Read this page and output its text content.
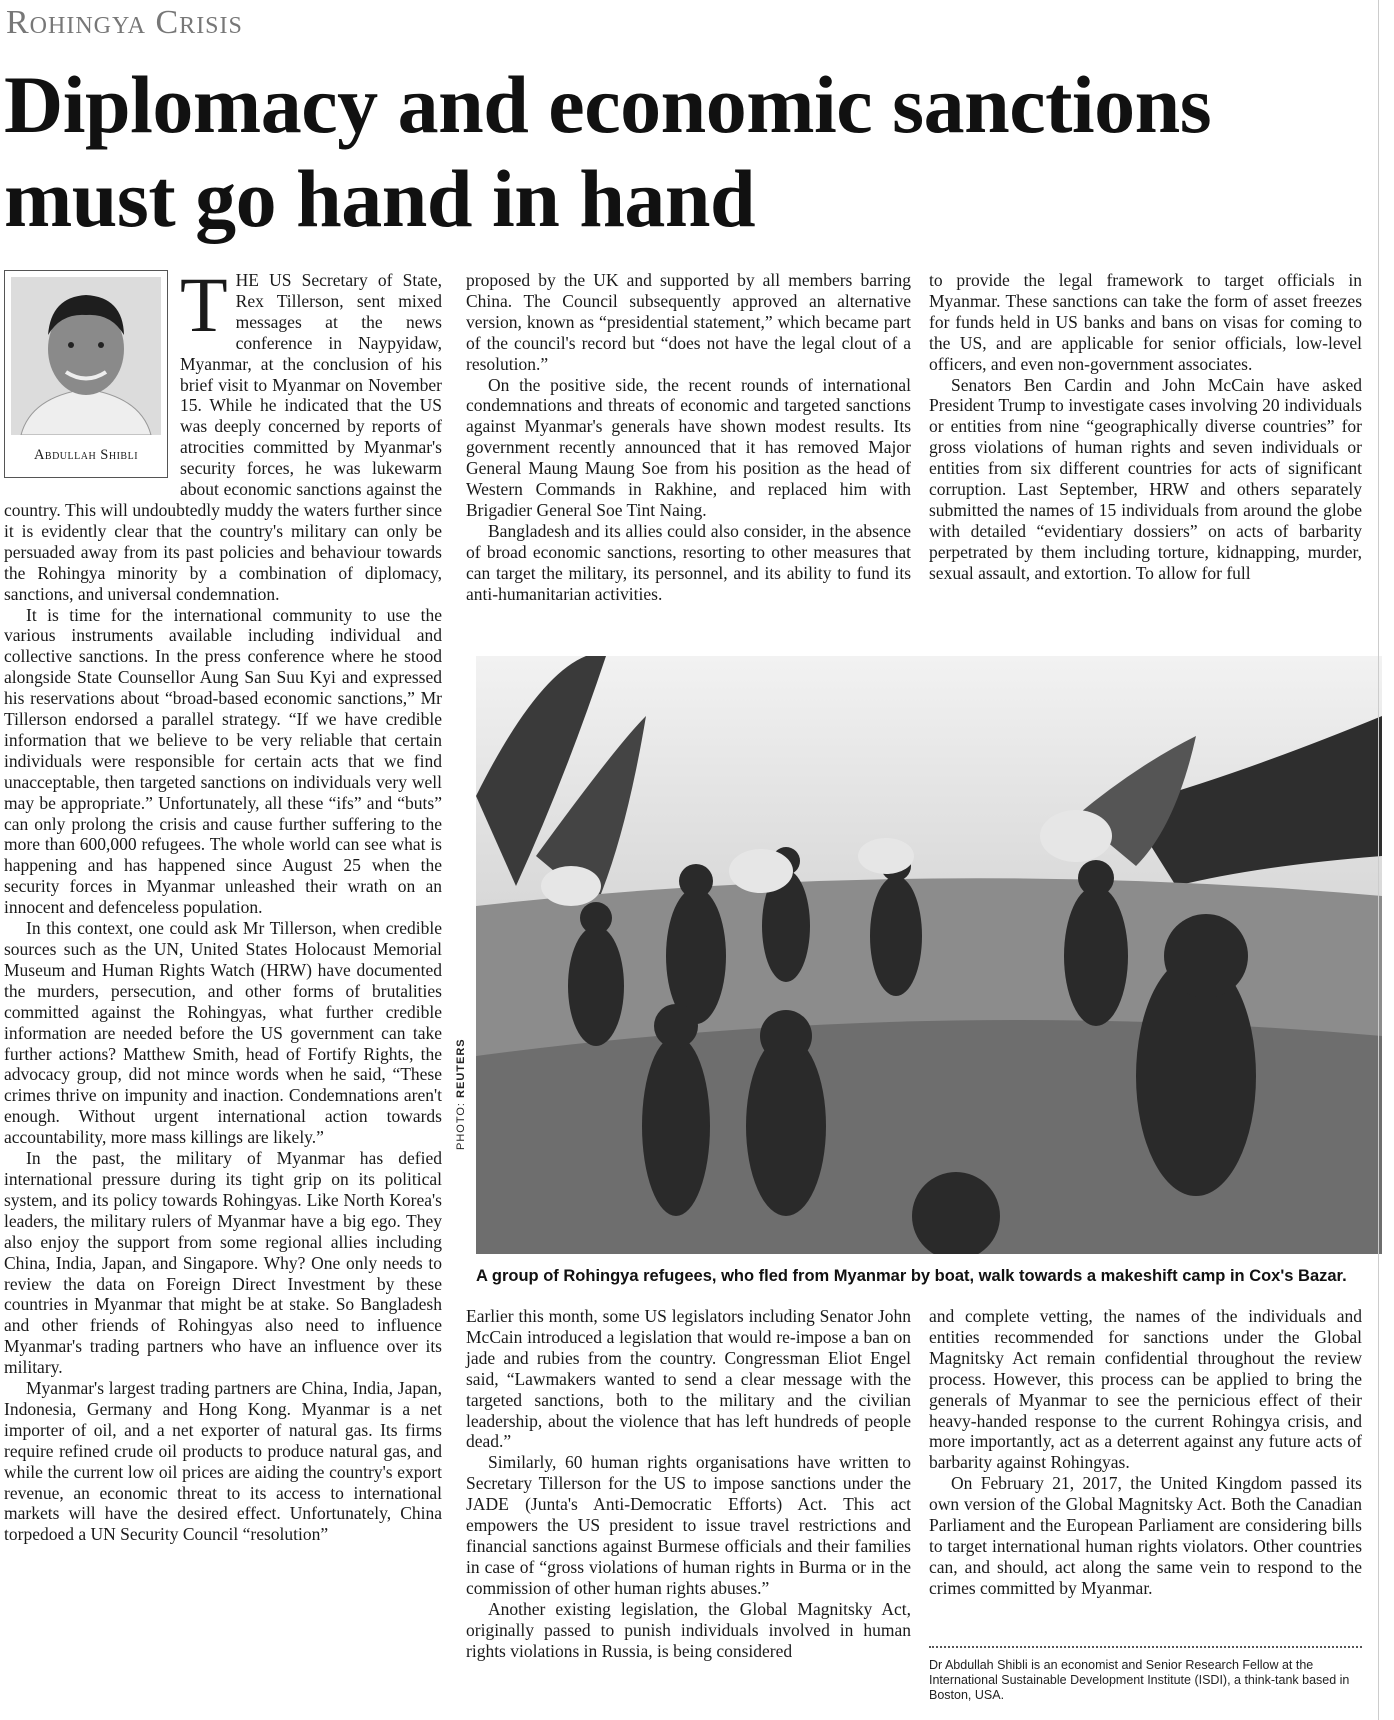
Rohingya Crisis
Diplomacy and economic sanctions must go hand in hand
Abdullah Shibli
T HE US Secretary of State, Rex Tillerson, sent mixed messages at the news conference in Naypyidaw, Myanmar, at the conclusion of his brief visit to Myanmar on November 15. While he indicated that the US was deeply concerned by reports of atrocities committed by Myanmar's security forces, he was lukewarm about economic sanctions against the country. This will undoubtedly muddy the waters further since it is evidently clear that the country's military can only be persuaded away from its past policies and behaviour towards the Rohingya minority by a combination of diplomacy, sanctions, and universal condemnation.

It is time for the international community to use the various instruments available including individual and collective sanctions. In the press conference where he stood alongside State Counsellor Aung San Suu Kyi and expressed his reservations about “broad-based economic sanctions,” Mr Tillerson endorsed a parallel strategy. “If we have credible information that we believe to be very reliable that certain individuals were responsible for certain acts that we find unacceptable, then targeted sanctions on individuals very well may be appropriate.” Unfortunately, all these “ifs” and “buts” can only prolong the crisis and cause further suffering to the more than 600,000 refugees. The whole world can see what is happening and has happened since August 25 when the security forces in Myanmar unleashed their wrath on an innocent and defenceless population.

In this context, one could ask Mr Tillerson, when credible sources such as the UN, United States Holocaust Memorial Museum and Human Rights Watch (HRW) have documented the murders, persecution, and other forms of brutalities committed against the Rohingyas, what further credible information are needed before the US government can take further actions? Matthew Smith, head of Fortify Rights, the advocacy group, did not mince words when he said, “These crimes thrive on impunity and inaction. Condemnations aren't enough. Without urgent international action towards accountability, more mass killings are likely.”

In the past, the military of Myanmar has defied international pressure during its tight grip on its political system, and its policy towards Rohingyas. Like North Korea's leaders, the military rulers of Myanmar have a big ego. They also enjoy the support from some regional allies including China, India, Japan, and Singapore. Why? One only needs to review the data on Foreign Direct Investment by these countries in Myanmar that might be at stake. So Bangladesh and other friends of Rohingyas also need to influence Myanmar's trading partners who have an influence over its military.

Myanmar's largest trading partners are China, India, Japan, Indonesia, Germany and Hong Kong. Myanmar is a net importer of oil, and a net exporter of natural gas. Its firms require refined crude oil products to produce natural gas, and while the current low oil prices are aiding the country's export revenue, an economic threat to its access to international markets will have the desired effect. Unfortunately, China torpedoed a UN Security Council “resolution”

proposed by the UK and supported by all members barring China. The Council subsequently approved an alternative version, known as “presidential statement,” which became part of the council's record but “does not have the legal clout of a resolution.”

On the positive side, the recent rounds of international condemnations and threats of economic and targeted sanctions against Myanmar's generals have shown modest results. Its government recently announced that it has removed Major General Maung Maung Soe from his position as the head of Western Commands in Rakhine, and replaced him with Brigadier General Soe Tint Naing.

Bangladesh and its allies could also consider, in the absence of broad economic sanctions, resorting to other measures that can target the military, its personnel, and its ability to fund its anti-humanitarian activities.

to provide the legal framework to target officials in Myanmar. These sanctions can take the form of asset freezes for funds held in US banks and bans on visas for coming to the US, and are applicable for senior officials, low-level officers, and even non-government associates.

Senators Ben Cardin and John McCain have asked President Trump to investigate cases involving 20 individuals or entities from nine “geographically diverse countries” for gross violations of human rights and seven individuals or entities from six different countries for acts of significant corruption. Last September, HRW and others separately submitted the names of 15 individuals from around the globe with detailed “evidentiary dossiers” on acts of barbarity perpetrated by them including torture, kidnapping, murder, sexual assault, and extortion. To allow for full

PHOTO: REUTERS
A group of Rohingya refugees, who fled from Myanmar by boat, walk towards a makeshift camp in Cox's Bazar.

Earlier this month, some US legislators including Senator John McCain introduced a legislation that would re-impose a ban on jade and rubies from the country. Congressman Eliot Engel said, “Lawmakers wanted to send a clear message with the targeted sanctions, both to the military and the civilian leadership, about the violence that has left hundreds of people dead.”

Similarly, 60 human rights organisations have written to Secretary Tillerson for the US to impose sanctions under the JADE (Junta's Anti-Democratic Efforts) Act. This act empowers the US president to issue travel restrictions and financial sanctions against Burmese officials and their families in case of “gross violations of human rights in Burma or in the commission of other human rights abuses.”

Another existing legislation, the Global Magnitsky Act, originally passed to punish individuals involved in human rights violations in Russia, is being considered

and complete vetting, the names of the individuals and entities recommended for sanctions under the Global Magnitsky Act remain confidential throughout the review process. However, this process can be applied to bring the generals of Myanmar to see the pernicious effect of their heavy-handed response to the current Rohingya crisis, and more importantly, act as a deterrent against any future acts of barbarity against Rohingyas.

On February 21, 2017, the United Kingdom passed its own version of the Global Magnitsky Act. Both the Canadian Parliament and the European Parliament are considering bills to target international human rights violators. Other countries can, and should, act along the same vein to respond to the crimes committed by Myanmar.

Dr Abdullah Shibli is an economist and Senior Research Fellow at the International Sustainable Development Institute (ISDI), a think-tank based in Boston, USA.
